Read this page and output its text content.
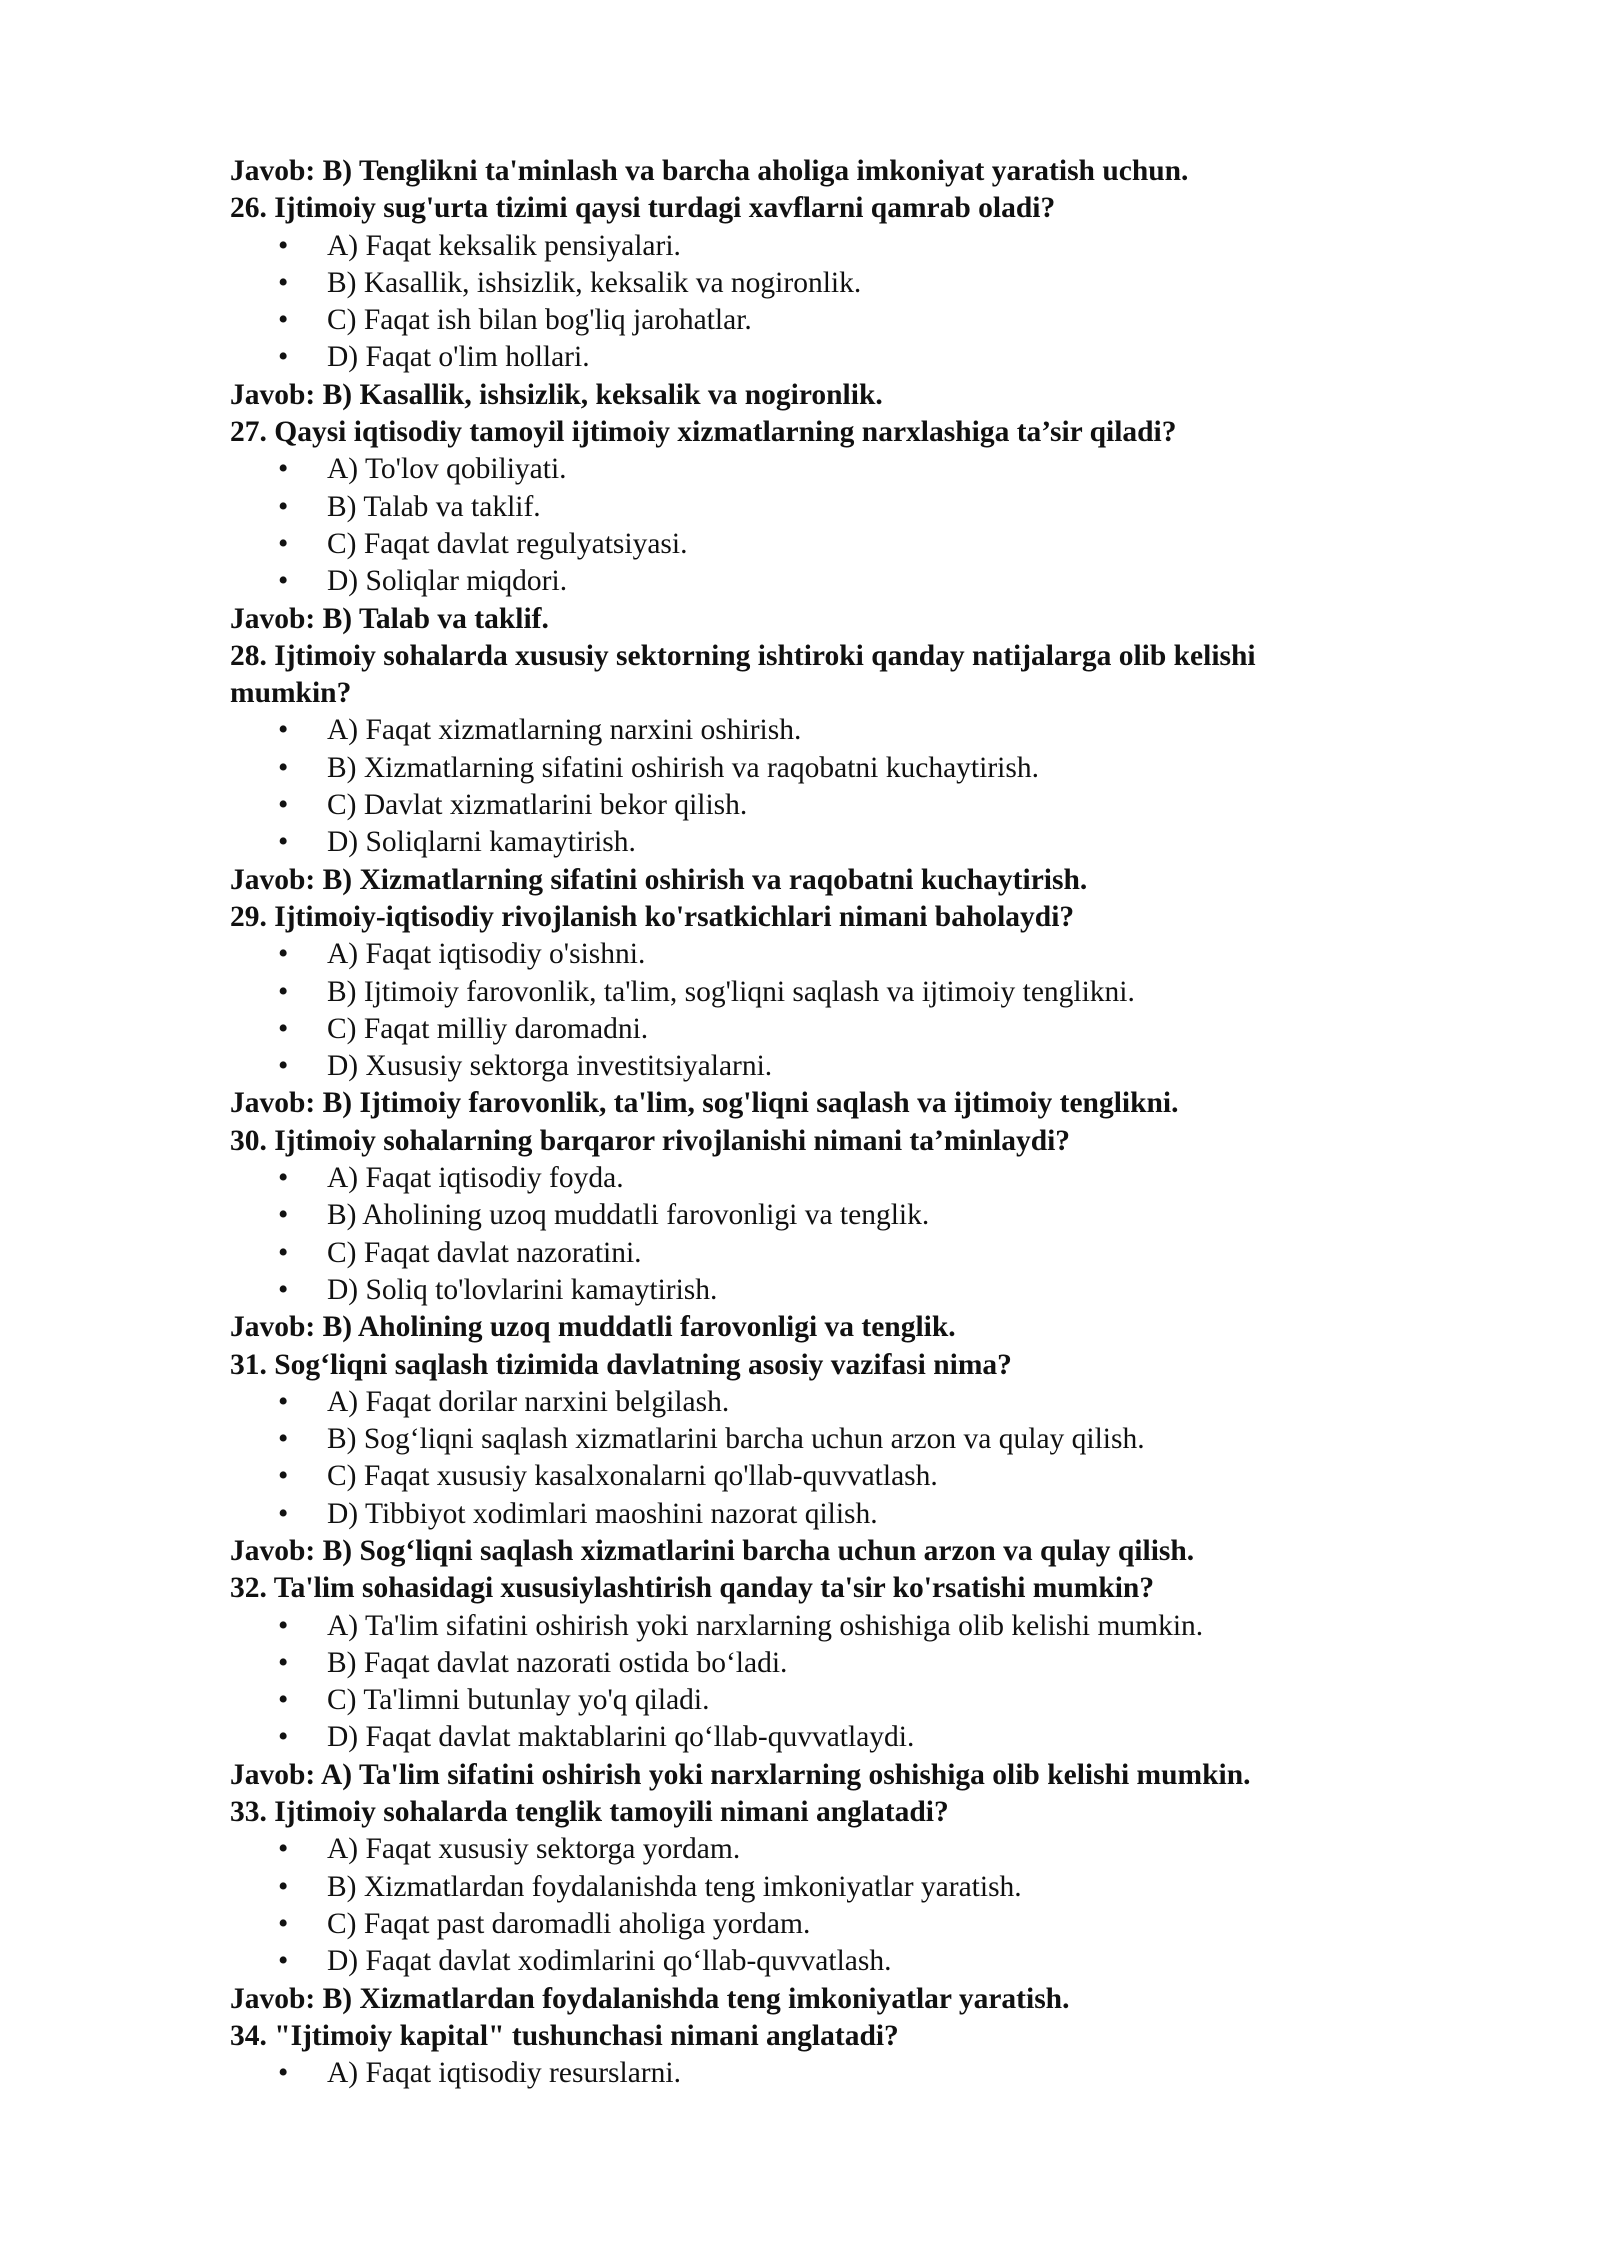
Javob: B) Tenglikni ta'minlash va barcha aholiga imkoniyat yaratish uchun.
26. Ijtimoiy sug'urta tizimi qaysi turdagi xavflarni qamrab oladi?
• A) Faqat keksalik pensiyalari.
• B) Kasallik, ishsizlik, keksalik va nogironlik.
• C) Faqat ish bilan bog'liq jarohatlar.
• D) Faqat o'lim hollari.
Javob: B) Kasallik, ishsizlik, keksalik va nogironlik.
27. Qaysi iqtisodiy tamoyil ijtimoiy xizmatlarning narxlashiga ta’sir qiladi?
• A) To'lov qobiliyati.
• B) Talab va taklif.
• C) Faqat davlat regulyatsiyasi.
• D) Soliqlar miqdori.
Javob: B) Talab va taklif.
28. Ijtimoiy sohalarda xususiy sektorning ishtiroki qanday natijalarga olib kelishi
mumkin?
• A) Faqat xizmatlarning narxini oshirish.
• B) Xizmatlarning sifatini oshirish va raqobatni kuchaytirish.
• C) Davlat xizmatlarini bekor qilish.
• D) Soliqlarni kamaytirish.
Javob: B) Xizmatlarning sifatini oshirish va raqobatni kuchaytirish.
29. Ijtimoiy-iqtisodiy rivojlanish ko'rsatkichlari nimani baholaydi?
• A) Faqat iqtisodiy o'sishni.
• B) Ijtimoiy farovonlik, ta'lim, sog'liqni saqlash va ijtimoiy tenglikni.
• C) Faqat milliy daromadni.
• D) Xususiy sektorga investitsiyalarni.
Javob: B) Ijtimoiy farovonlik, ta'lim, sog'liqni saqlash va ijtimoiy tenglikni.
30. Ijtimoiy sohalarning barqaror rivojlanishi nimani ta’minlaydi?
• A) Faqat iqtisodiy foyda.
• B) Aholining uzoq muddatli farovonligi va tenglik.
• C) Faqat davlat nazoratini.
• D) Soliq to'lovlarini kamaytirish.
Javob: B) Aholining uzoq muddatli farovonligi va tenglik.
31. Sog‘liqni saqlash tizimida davlatning asosiy vazifasi nima?
• A) Faqat dorilar narxini belgilash.
• B) Sog‘liqni saqlash xizmatlarini barcha uchun arzon va qulay qilish.
• C) Faqat xususiy kasalxonalarni qo'llab-quvvatlash.
• D) Tibbiyot xodimlari maoshini nazorat qilish.
Javob: B) Sog‘liqni saqlash xizmatlarini barcha uchun arzon va qulay qilish.
32. Ta'lim sohasidagi xususiylashtirish qanday ta'sir ko'rsatishi mumkin?
• A) Ta'lim sifatini oshirish yoki narxlarning oshishiga olib kelishi mumkin.
• B) Faqat davlat nazorati ostida bo‘ladi.
• C) Ta'limni butunlay yo'q qiladi.
• D) Faqat davlat maktablarini qo‘llab-quvvatlaydi.
Javob: A) Ta'lim sifatini oshirish yoki narxlarning oshishiga olib kelishi mumkin.
33. Ijtimoiy sohalarda tenglik tamoyili nimani anglatadi?
• A) Faqat xususiy sektorga yordam.
• B) Xizmatlardan foydalanishda teng imkoniyatlar yaratish.
• C) Faqat past daromadli aholiga yordam.
• D) Faqat davlat xodimlarini qo‘llab-quvvatlash.
Javob: B) Xizmatlardan foydalanishda teng imkoniyatlar yaratish.
34. "Ijtimoiy kapital" tushunchasi nimani anglatadi?
• A) Faqat iqtisodiy resurslarni.
